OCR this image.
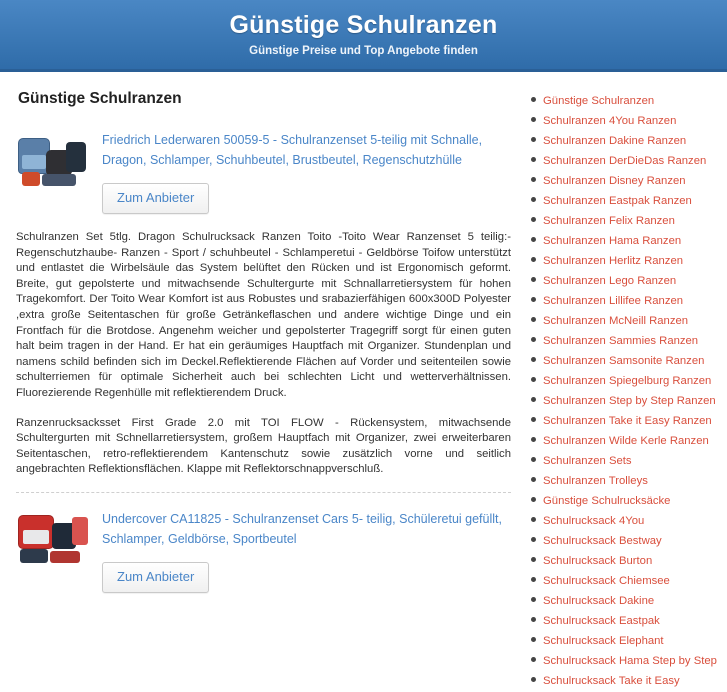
Günstige Schulranzen

Günstige Preise und Top Angebote finden

Günstige Schulranzen
Friedrich Lederwaren 50059-5 - Schulranzenset 5-teilig mit Schnalle, Dragon, Schlamper, Schuhbeutel, Brustbeutel, Regenschutzhülle
Zum Anbieter

Schulranzen Set 5tlg. Dragon Schulrucksack Ranzen Toito -Toito Wear Ranzenset 5 teilig:- Regenschutzhaube- Ranzen - Sport / schuhbeutel - Schlamperetui - Geldbörse Toifow unterstützt und entlastet die Wirbelsäule das System belüftet den Rücken und ist Ergonomisch geformt. Breite, gut gepolsterte und mitwachsende Schultergurte mit Schnallarretiersystem für hohen Tragekomfort. Der Toito Wear Komfort ist aus Robustes und srabazierfähigen 600x300D Polyester ,extra große Seitentaschen für große Getränkeflaschen und andere wichtige Dinge und ein Frontfach für die Brotdose. Angenehm weicher und gepolsterter Tragegriff sorgt für einen guten halt beim tragen in der Hand. Er hat ein geräumiges Hauptfach mit Organizer. Stundenplan und namens schild befinden sich im Deckel.Reflektierende Flächen auf Vorder und seitenteilen sowie schulterriemen für optimale Sicherheit auch bei schlechten Licht und wetterverhältnissen. Fluorezierende Regenhülle mit reflektierendem Druck.

Ranzenrucksacksset First Grade 2.0 mit TOI FLOW - Rückensystem, mitwachsende Schultergurten mit Schnellarretiersystem, großem Hauptfach mit Organizer, zwei erweiterbaren Seitentaschen, retro-reflektierendem Kantenschutz sowie zusätzlich vorne und seitlich angebrachten Reflektionsflächen. Klappe mit Reflektorschnappverschluß.

Undercover CA11825 - Schulranzenset Cars 5- teilig, Schüleretui gefüllt, Schlamper, Geldbörse, Sportbeutel
Zum Anbieter
Günstige Schulranzen
Schulranzen 4You Ranzen
Schulranzen Dakine Ranzen
Schulranzen DerDieDas Ranzen
Schulranzen Disney Ranzen
Schulranzen Eastpak Ranzen
Schulranzen Felix Ranzen
Schulranzen Hama Ranzen
Schulranzen Herlitz Ranzen
Schulranzen Lego Ranzen
Schulranzen Lillifee Ranzen
Schulranzen McNeill Ranzen
Schulranzen Sammies Ranzen
Schulranzen Samsonite Ranzen
Schulranzen Spiegelburg Ranzen
Schulranzen Step by Step Ranzen
Schulranzen Take it Easy Ranzen
Schulranzen Wilde Kerle Ranzen
Schulranzen Sets
Schulranzen Trolleys
Günstige Schulrucksäcke
Schulrucksack 4You
Schulrucksack Bestway
Schulrucksack Burton
Schulrucksack Chiemsee
Schulrucksack Dakine
Schulrucksack Eastpak
Schulrucksack Elephant
Schulrucksack Hama Step by Step
Schulrucksack Take it Easy
